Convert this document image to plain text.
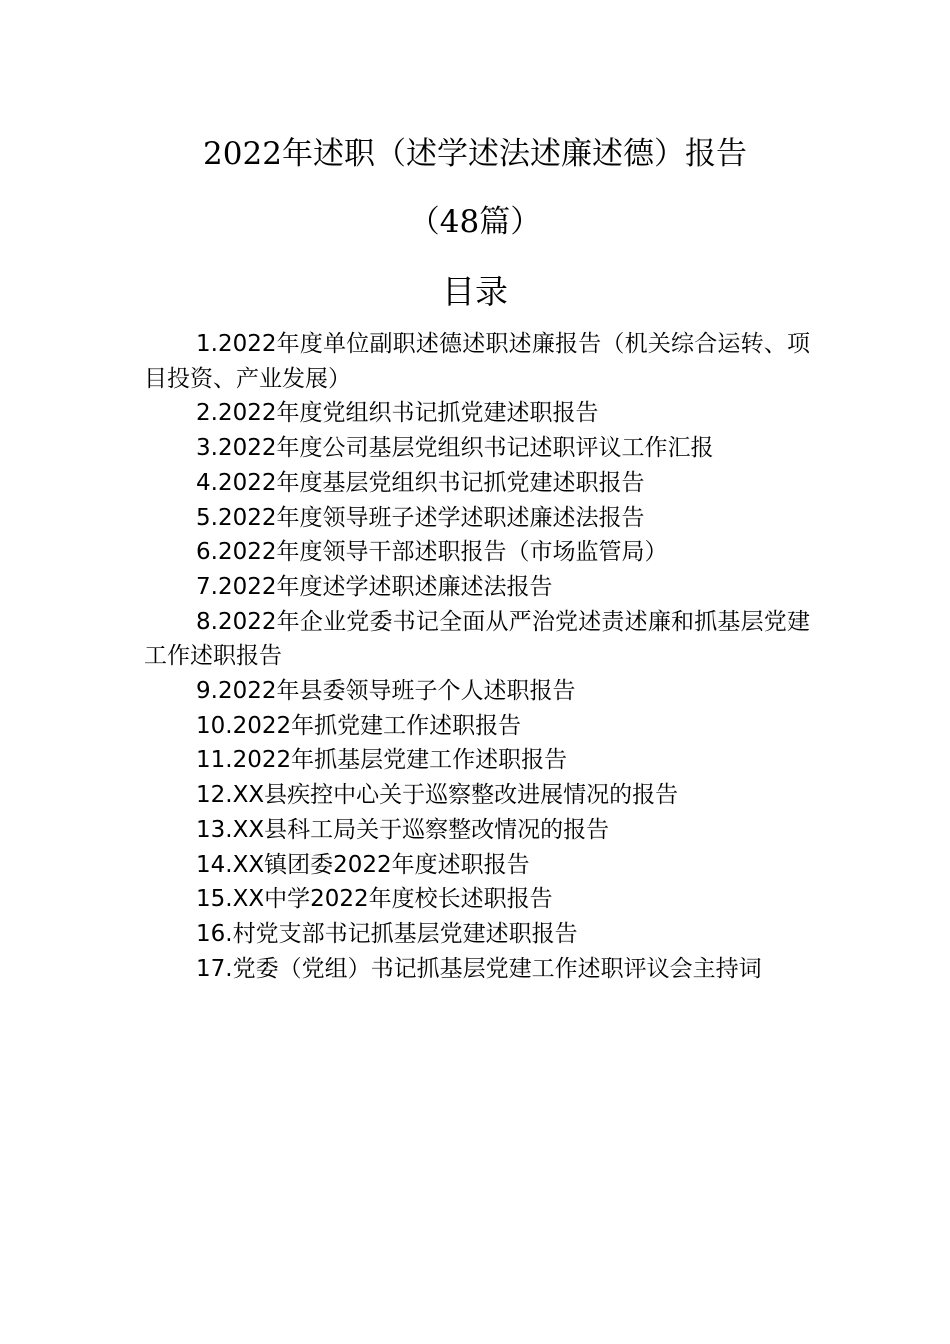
2022年述职（述学述法述廉述德）报告
（48篇）
目录
1.2022年度单位副职述德述职述廉报告（机关综合运转、项目投资、产业发展）
2.2022年度党组织书记抓党建述职报告
3.2022年度公司基层党组织书记述职评议工作汇报
4.2022年度基层党组织书记抓党建述职报告
5.2022年度领导班子述学述职述廉述法报告
6.2022年度领导干部述职报告（市场监管局）
7.2022年度述学述职述廉述法报告
8.2022年企业党委书记全面从严治党述责述廉和抓基层党建工作述职报告
9.2022年县委领导班子个人述职报告
10.2022年抓党建工作述职报告
11.2022年抓基层党建工作述职报告
12.XX县疾控中心关于巡察整改进展情况的报告
13.XX县科工局关于巡察整改情况的报告
14.XX镇团委2022年度述职报告
15.XX中学2022年度校长述职报告
16.村党支部书记抓基层党建述职报告
17.党委（党组）书记抓基层党建工作述职评议会主持词
